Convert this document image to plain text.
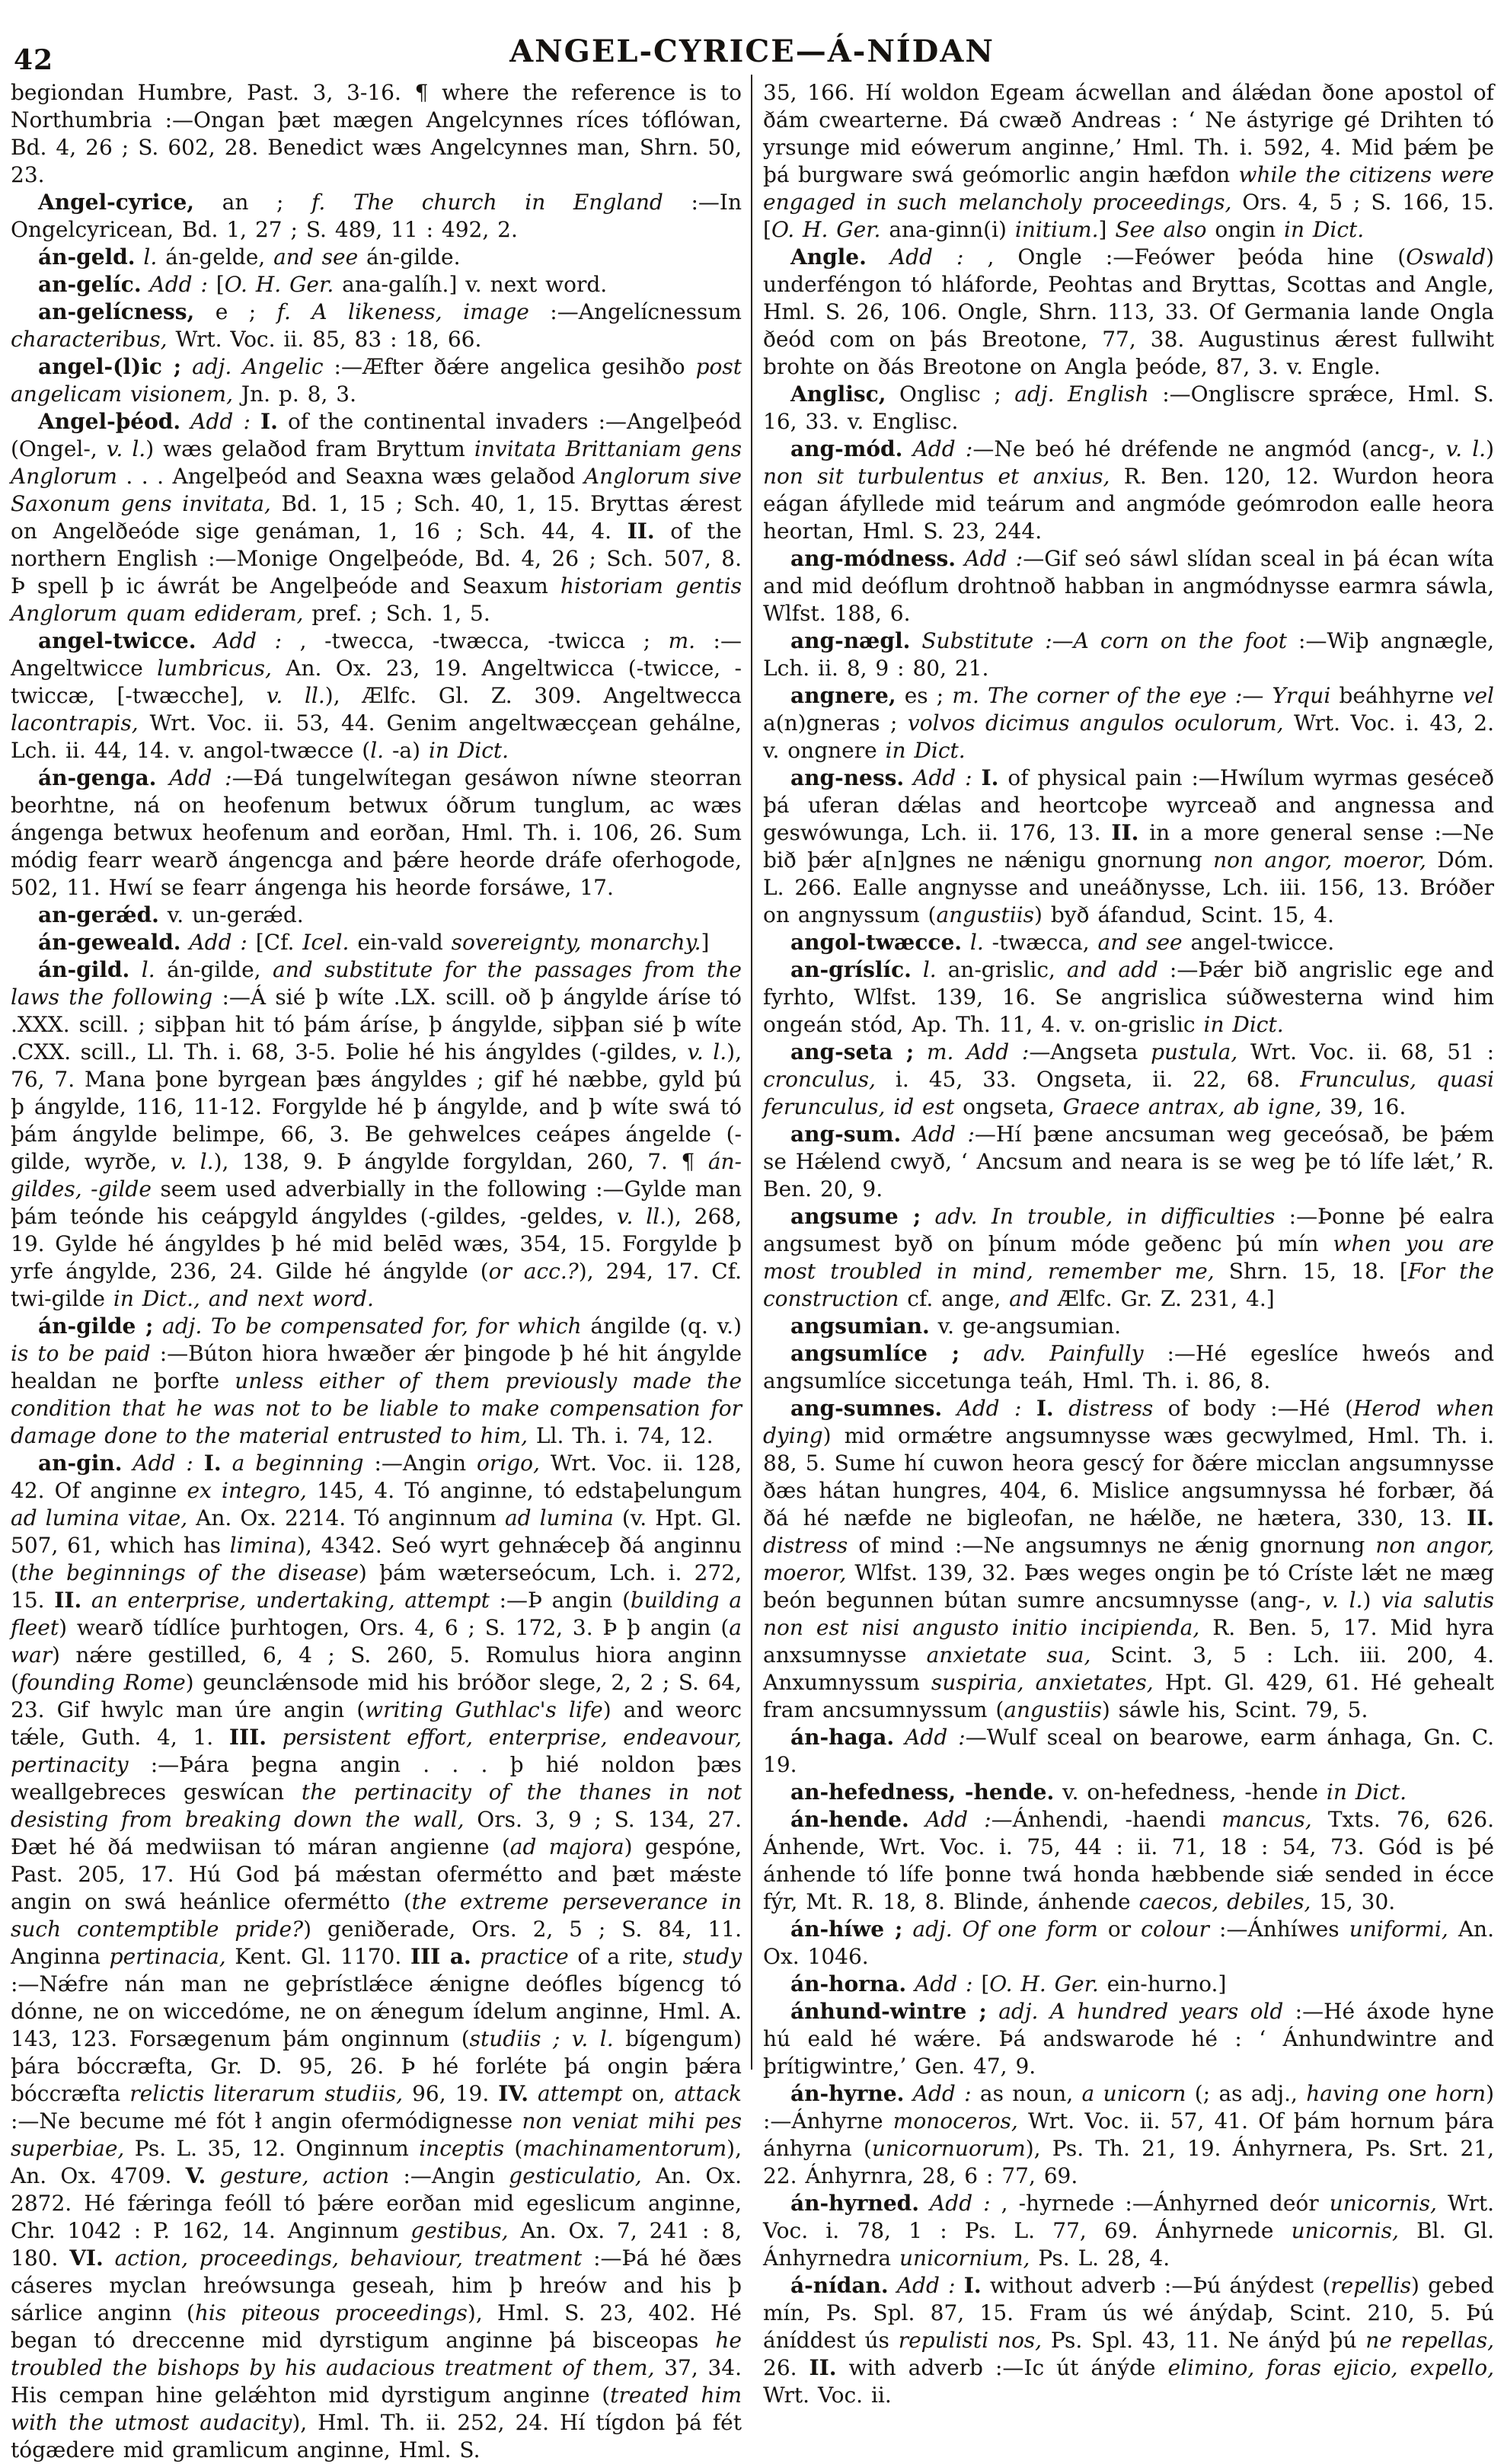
42	ANGEL-CYRICE—Á-NÍDAN

begiondan Humbre, Past. 3, 3-16. ¶ where the reference is to Northumbria :—Ongan þæt mægen Angelcynnes ríces tóflówan, Bd. 4, 26 ; S. 602, 28. Benedict wæs Angelcynnes man, Shrn. 50, 23.

Angel-cyrice, an ; f. The church in England :—In Ongelcyricean, Bd. 1, 27 ; S. 489, 11 : 492, 2.

án-geld. l. án-gelde, and see án-gilde.

an-gelíc. Add : [O. H. Ger. ana-galíh.] v. next word.

an-gelícness, e ; f. A likeness, image :—Angelícnessum characteribus, Wrt. Voc. ii. 85, 83 : 18, 66.

angel-(l)ic ; adj. Angelic :—Æfter ðǽre angelica gesihðo post angelicam visionem, Jn. p. 8, 3.

Angel-þéod. Add : I. of the continental invaders :—Angelþeód (Ongel-, v. l.) wæs gelaðod fram Bryttum invitata Brittaniam gens Anglorum . . . Angelþeód and Seaxna wæs gelaðod Anglorum sive Saxonum gens invitata, Bd. 1, 15 ; Sch. 40, 1, 15. Bryttas ǽrest on Angelðeóde sige genáman, 1, 16 ; Sch. 44, 4. II. of the northern English :—Monige Ongelþeóde, Bd. 4, 26 ; Sch. 507, 8. Þ spell þ ic áwrát be Angelþeóde and Seaxum historiam gentis Anglorum quam edideram, pref. ; Sch. 1, 5.

angel-twicce. Add : , -twecca, -twæcca, -twicca ; m. :—Angeltwicce lumbricus, An. Ox. 23, 19. Angeltwicca (-twicce, -twiccæ, [-twæcche], v. ll.), Ælfc. Gl. Z. 309. Angeltwecca lacontrapis, Wrt. Voc. ii. 53, 44. Genim angeltwæcçean gehálne, Lch. ii. 44, 14. v. angol-twæcce (l. -a) in Dict.

án-genga. Add :—Ðá tungelwítegan gesáwon níwne steorran beorhtne, ná on heofenum betwux óðrum tunglum, ac wæs ángenga betwux heofenum and eorðan, Hml. Th. i. 106, 26. Sum módig fearr wearð ángencga and þǽre heorde dráfe oferhogode, 502, 11. Hwí se fearr ángenga his heorde forsáwe, 17.

an-gerǽd. v. un-gerǽd.

án-geweald. Add : [Cf. Icel. ein-vald sovereignty, monarchy.]

án-gild. l. án-gilde, and substitute for the passages from the laws the following :—Á sié þ wíte .LX. scill. oð þ ángylde áríse tó .XXX. scill. ; siþþan hit tó þám áríse, þ ángylde, siþþan sié þ wíte .CXX. scill., Ll. Th. i. 68, 3-5. Þolie hé his ángyldes (-gildes, v. l.), 76, 7. Mana þone byrgean þæs ángyldes ; gif hé næbbe, gyld þú þ ángylde, 116, 11-12. Forgylde hé þ ángylde, and þ wíte swá tó þám ángylde belimpe, 66, 3. Be gehwelces ceápes ángelde (-gilde, wyrðe, v. l.), 138, 9. Þ ángylde forgyldan, 260, 7. ¶ án-gildes, -gilde seem used adverbially in the following :—Gylde man þám teónde his ceápgyld ángyldes (-gildes, -geldes, v. ll.), 268, 19. Gylde hé ángyldes þ hé mid belēd wæs, 354, 15. Forgylde þ yrfe ángylde, 236, 24. Gilde hé ángylde (or acc.?), 294, 17. Cf. twi-gilde in Dict., and next word.

án-gilde ; adj. To be compensated for, for which ángilde (q. v.) is to be paid :—Búton hiora hwæðer ǽr þingode þ hé hit ángylde healdan ne þorfte unless either of them previously made the condition that he was not to be liable to make compensation for damage done to the material entrusted to him, Ll. Th. i. 74, 12.

an-gin. Add : I. a beginning :—Angin origo, Wrt. Voc. ii. 128, 42. Of anginne ex integro, 145, 4. Tó anginne, tó edstaþelungum ad lumina vitae, An. Ox. 2214. Tó anginnum ad lumina (v. Hpt. Gl. 507, 61, which has limina), 4342. Seó wyrt gehnǽceþ ðá anginnu (the beginnings of the disease) þám wæterseócum, Lch. i. 272, 15. II. an enterprise, undertaking, attempt :—Þ angin (building a fleet) wearð tídlíce þurhtogen, Ors. 4, 6 ; S. 172, 3. Þ þ angin (a war) nǽre gestilled, 6, 4 ; S. 260, 5. Romulus hiora anginn (founding Rome) geunclǽnsode mid his bróðor slege, 2, 2 ; S. 64, 23. Gif hwylc man úre angin (writing Guthlac's life) and weorc tǽle, Guth. 4, 1. III. persistent effort, enterprise, endeavour, pertinacity :—Þára þegna angin . . . þ hié noldon þæs weallgebreces geswícan the pertinacity of the thanes in not desisting from breaking down the wall, Ors. 3, 9 ; S. 134, 27. Ðæt hé ðá medwiisan tó máran angienne (ad majora) gespóne, Past. 205, 17. Hú God þá mǽstan ofermétto and þæt mǽste angin on swá heánlice ofermétto (the extreme perseverance in such contemptible pride?) geniðerade, Ors. 2, 5 ; S. 84, 11. Anginna pertinacia, Kent. Gl. 1170. III a. practice of a rite, study :—Nǽfre nán man ne geþrístlǽce ǽnigne deófles bígencg tó dónne, ne on wiccedóme, ne on ǽnegum ídelum anginne, Hml. A. 143, 123. Forsægenum þám onginnum (studiis ; v. l. bígengum) þára bóccræfta, Gr. D. 95, 26. Þ hé forléte þá ongin þǽra bóccræfta relictis literarum studiis, 96, 19. IV. attempt on, attack :—Ne becume mé fót ł angin ofermódignesse non veniat mihi pes superbiae, Ps. L. 35, 12. Onginnum inceptis (machinamentorum), An. Ox. 4709. V. gesture, action :—Angin gesticulatio, An. Ox. 2872. Hé fǽringa feóll tó þǽre eorðan mid egeslicum anginne, Chr. 1042 : P. 162, 14. Anginnum gestibus, An. Ox. 7, 241 : 8, 180. VI. action, proceedings, behaviour, treatment :—Þá hé ðæs cáseres myclan hreówsunga geseah, him þ hreów and his þ sárlice anginn (his piteous proceedings), Hml. S. 23, 402. Hé began tó dreccenne mid dyrstigum anginne þá bisceopas he troubled the bishops by his audacious treatment of them, 37, 34. His cempan hine gelǽhton mid dyrstigum anginne (treated him with the utmost audacity), Hml. Th. ii. 252, 24. Hí tígdon þá fét tógædere mid gramlicum anginne, Hml. S.

35, 166. Hí woldon Egeam ácwellan and álǽdan ðone apostol of ðám cwearterne. Ðá cwæð Andreas : ‘ Ne ástyrige gé Drihten tó yrsunge mid eówerum anginne,’ Hml. Th. i. 592, 4. Mid þǽm þe þá burgware swá geómorlic angin hæfdon while the citizens were engaged in such melancholy proceedings, Ors. 4, 5 ; S. 166, 15. [O. H. Ger. ana-ginn(i) initium.] See also ongin in Dict.

Angle. Add : , Ongle :—Feówer þeóda hine (Oswald) underféngon tó hláforde, Peohtas and Bryttas, Scottas and Angle, Hml. S. 26, 106. Ongle, Shrn. 113, 33. Of Germania lande Ongla ðeód com on þás Breotone, 77, 38. Augustinus ǽrest fullwiht brohte on ðás Breotone on Angla þeóde, 87, 3. v. Engle.

Anglisc, Onglisc ; adj. English :—Ongliscre sprǽce, Hml. S. 16, 33. v. Englisc.

ang-mód. Add :—Ne beó hé dréfende ne angmód (ancg-, v. l.) non sit turbulentus et anxius, R. Ben. 120, 12. Wurdon heora eágan áfyllede mid teárum and angmóde geómrodon ealle heora heortan, Hml. S. 23, 244.

ang-módness. Add :—Gif seó sáwl slídan sceal in þá écan wíta and mid deóflum drohtnoð habban in angmódnysse earmra sáwla, Wlfst. 188, 6.

ang-nægl. Substitute :—A corn on the foot :—Wiþ angnægle, Lch. ii. 8, 9 : 80, 21.

angnere, es ; m. The corner of the eye :— Yrqui beáhhyrne vel a(n)gneras ; volvos dicimus angulos oculorum, Wrt. Voc. i. 43, 2. v. ongnere in Dict.

ang-ness. Add : I. of physical pain :—Hwílum wyrmas geséceð þá uferan dǽlas and heortcoþe wyrceað and angnessa and geswówunga, Lch. ii. 176, 13. II. in a more general sense :—Ne bið þǽr a[n]gnes ne nǽnigu gnornung non angor, moeror, Dóm. L. 266. Ealle angnysse and uneáðnysse, Lch. iii. 156, 13. Bróðer on angnyssum (angustiis) byð áfandud, Scint. 15, 4.

angol-twæcce. l. -twæcca, and see angel-twicce.

an-gríslíc. l. an-grislic, and add :—Þǽr bið angrislic ege and fyrhto, Wlfst. 139, 16. Se angrislica súðwesterna wind him ongeán stód, Ap. Th. 11, 4. v. on-grislic in Dict.

ang-seta ; m. Add :—Angseta pustula, Wrt. Voc. ii. 68, 51 : cronculus, i. 45, 33. Ongseta, ii. 22, 68. Frunculus, quasi ferunculus, id est ongseta, Graece antrax, ab igne, 39, 16.

ang-sum. Add :—Hí þæne ancsuman weg geceósað, be þǽm se Hǽlend cwyð, ‘ Ancsum and neara is se weg þe tó lífe lǽt,’ R. Ben. 20, 9.

angsume ; adv. In trouble, in difficulties :—Þonne þé ealra angsumest byð on þínum móde geðenc þú mín when you are most troubled in mind, remember me, Shrn. 15, 18. [For the construction cf. ange, and Ælfc. Gr. Z. 231, 4.]

angsumian. v. ge-angsumian.

angsumlíce ; adv. Painfully :—Hé egeslíce hweós and angsumlíce siccetunga teáh, Hml. Th. i. 86, 8.

ang-sumnes. Add : I. distress of body :—Hé (Herod when dying) mid ormǽtre angsumnysse wæs gecwylmed, Hml. Th. i. 88, 5. Sume hí cuwon heora gescý for ðǽre micclan angsumnysse ðæs hátan hungres, 404, 6. Mislice angsumnyssa hé forbær, ðá ðá hé næfde ne bigleofan, ne hǽlðe, ne hætera, 330, 13. II. distress of mind :—Ne angsumnys ne ǽnig gnornung non angor, moeror, Wlfst. 139, 32. Þæs weges ongin þe tó Críste lǽt ne mæg beón begunnen bútan sumre ancsumnysse (ang-, v. l.) via salutis non est nisi angusto initio incipienda, R. Ben. 5, 17. Mid hyra anxsumnysse anxietate sua, Scint. 3, 5 : Lch. iii. 200, 4. Anxumnyssum suspiria, anxietates, Hpt. Gl. 429, 61. Hé gehealt fram ancsumnyssum (angustiis) sáwle his, Scint. 79, 5.

án-haga. Add :—Wulf sceal on bearowe, earm ánhaga, Gn. C. 19.

an-hefedness, -hende. v. on-hefedness, -hende in Dict.

án-hende. Add :—Ánhendi, -haendi mancus, Txts. 76, 626. Ánhende, Wrt. Voc. i. 75, 44 : ii. 71, 18 : 54, 73. Gód is þé ánhende tó lífe þonne twá honda hæbbende siǽ sended in écce fýr, Mt. R. 18, 8. Blinde, ánhende caecos, debiles, 15, 30.

án-híwe ; adj. Of one form or colour :—Ánhíwes uniformi, An. Ox. 1046.

án-horna. Add : [O. H. Ger. ein-hurno.]

ánhund-wintre ; adj. A hundred years old :—Hé áxode hyne hú eald hé wǽre. Þá andswarode hé : ‘ Ánhundwintre and þrítigwintre,’ Gen. 47, 9.

án-hyrne. Add : as noun, a unicorn (; as adj., having one horn) :—Ánhyrne monoceros, Wrt. Voc. ii. 57, 41. Of þám hornum þára ánhyrna (unicornuorum), Ps. Th. 21, 19. Ánhyrnera, Ps. Srt. 21, 22. Ánhyrnra, 28, 6 : 77, 69.

án-hyrned. Add : , -hyrnede :—Ánhyrned deór unicornis, Wrt. Voc. i. 78, 1 : Ps. L. 77, 69. Ánhyrnede unicornis, Bl. Gl. Ánhyrnedra unicornium, Ps. L. 28, 4.

á-nídan. Add : I. without adverb :—Þú ánýdest (repellis) gebed mín, Ps. Spl. 87, 15. Fram ús wé ánýdaþ, Scint. 210, 5. Þú áníddest ús repulisti nos, Ps. Spl. 43, 11. Ne ánýd þú ne repellas, 26. II. with adverb :—Ic út ánýde elimino, foras ejicio, expello, Wrt. Voc. ii.
